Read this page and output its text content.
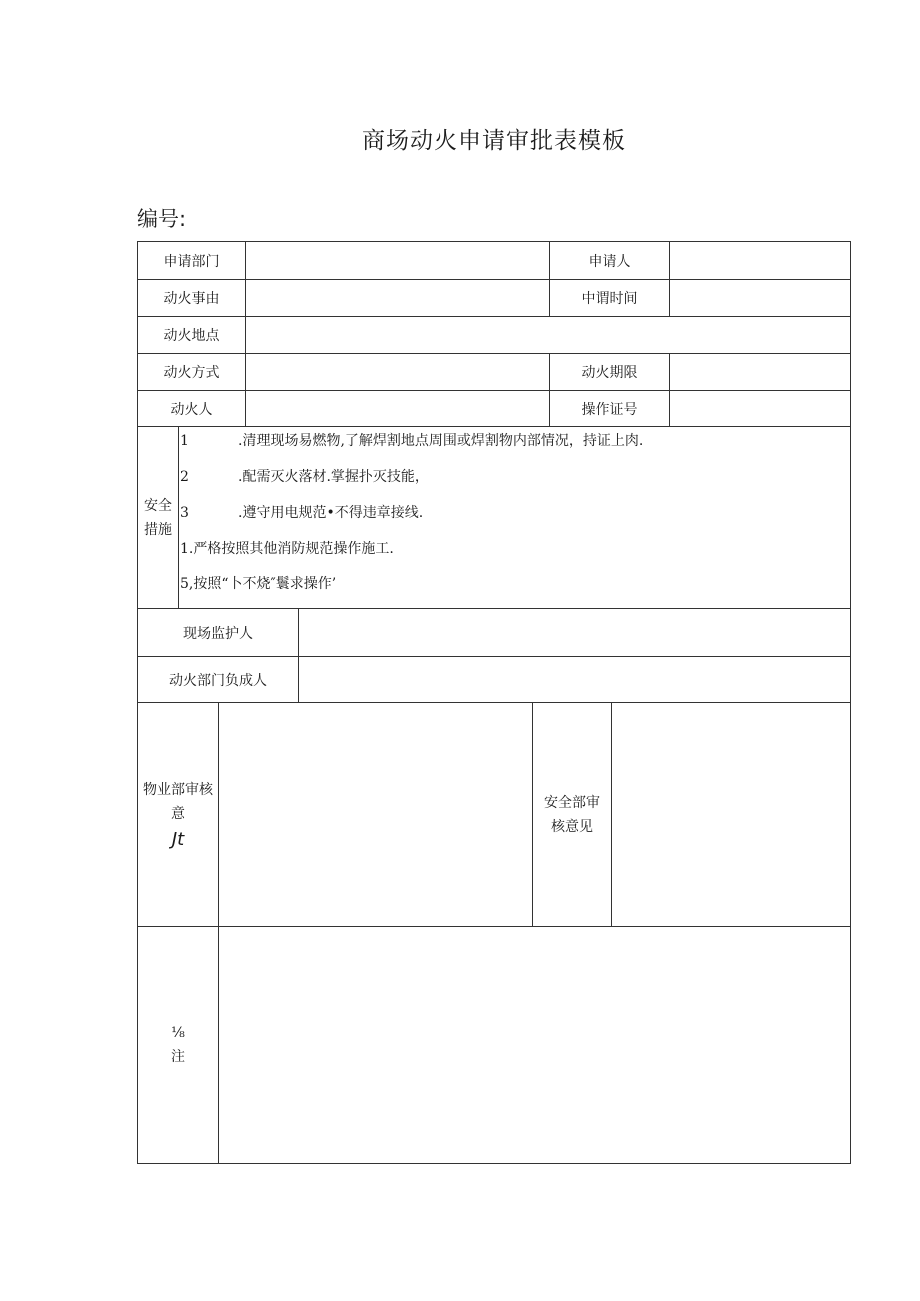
商场动火申请审批表模板
编号:
申请部门	申请人
动火事由	中谓时间
动火地点
动火方式	动火期限
动火人	操作证号
安全
措施
1	.清理现场易燃物,了解焊割地点周围或焊割物内部情况，持证上肉.
2	.配需灭火落材.掌握扑灭技能，
3	.遵守用电规范•不得违章接线.
1.严格按照其他消防规范操作施工.
5,按照“卜不烧″鬟求操作’
现场监护人
动火部门负成人
物业部审核
意
Jt
安全部审
核意见
⅛
注
